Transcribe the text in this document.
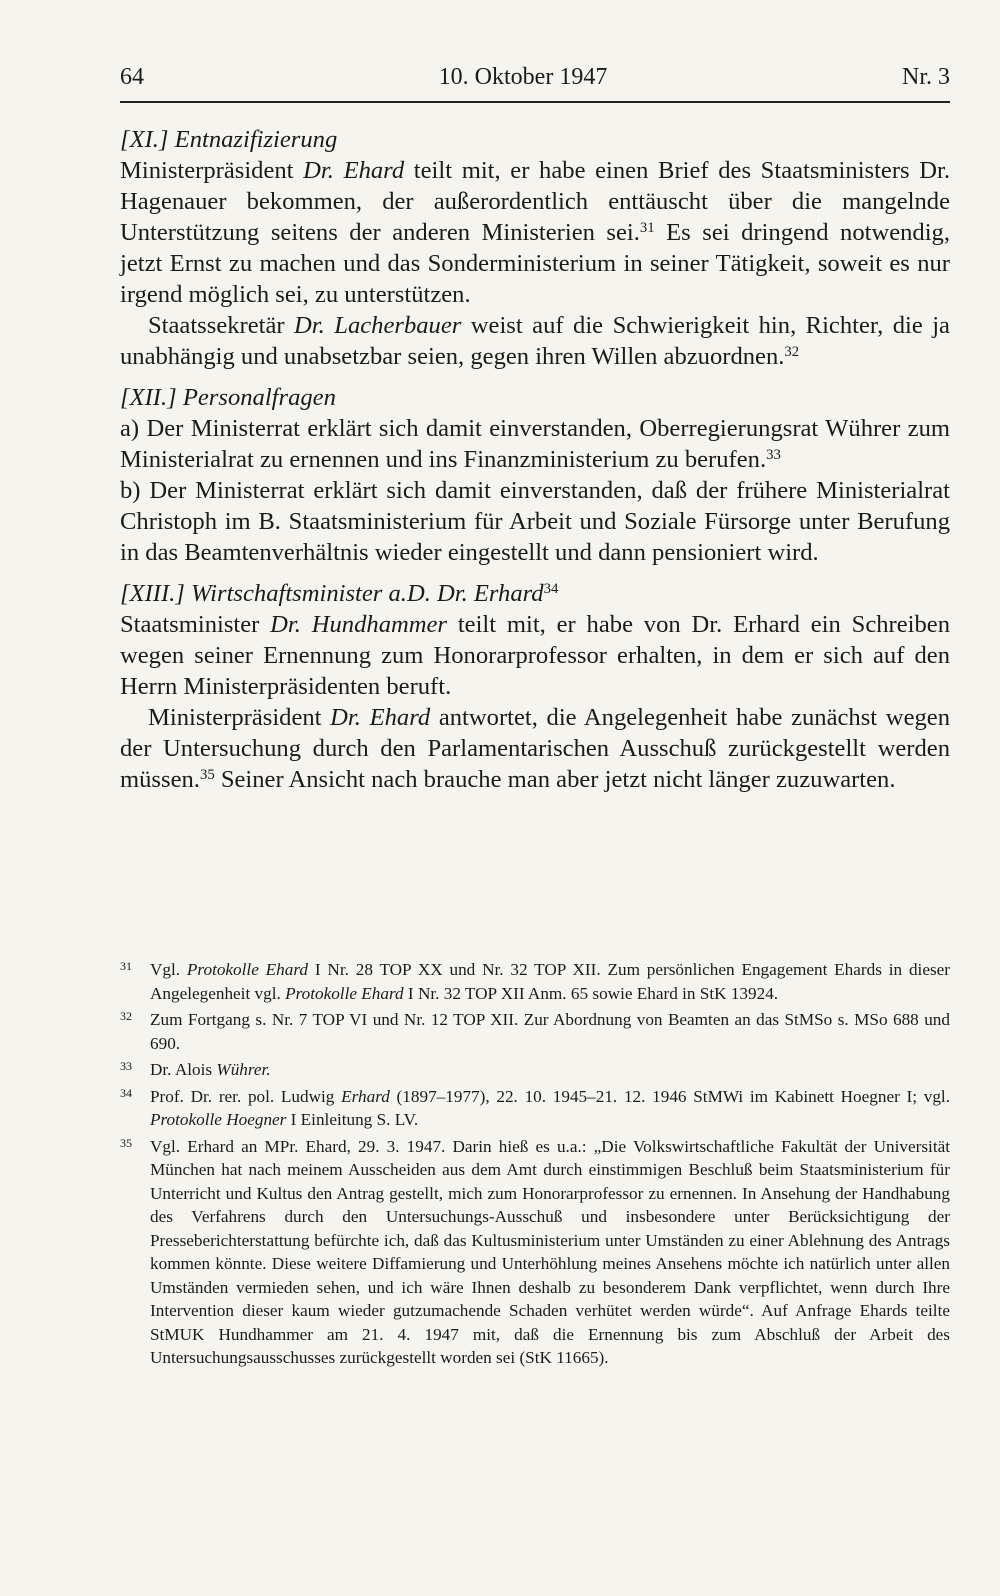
64	10. Oktober 1947	Nr. 3

[XI.] Entnazifizierung

Ministerpräsident Dr. Ehard teilt mit, er habe einen Brief des Staatsministers Dr. Hagenauer bekommen, der außerordentlich enttäuscht über die mangelnde Unterstützung seitens der anderen Ministerien sei.$^{31}$ Es sei dringend notwendig, jetzt Ernst zu machen und das Sonderministerium in seiner Tätigkeit, soweit es nur irgend möglich sei, zu unterstützen.

Staatssekretär Dr. Lacherbauer weist auf die Schwierigkeit hin, Richter, die ja unabhängig und unabsetzbar seien, gegen ihren Willen abzuordnen.$^{32}$

[XII.] Personalfragen

a) Der Ministerrat erklärt sich damit einverstanden, Oberregierungsrat Wührer zum Ministerialrat zu ernennen und ins Finanzministerium zu berufen.$^{33}$

b) Der Ministerrat erklärt sich damit einverstanden, daß der frühere Ministerialrat Christoph im B. Staatsministerium für Arbeit und Soziale Fürsorge unter Berufung in das Beamtenverhältnis wieder eingestellt und dann pensioniert wird.

[XIII.] Wirtschaftsminister a.D. Dr. Erhard$^{34}$

Staatsminister Dr. Hundhammer teilt mit, er habe von Dr. Erhard ein Schreiben wegen seiner Ernennung zum Honorarprofessor erhalten, in dem er sich auf den Herrn Ministerpräsidenten beruft.

Ministerpräsident Dr. Ehard antwortet, die Angelegenheit habe zunächst wegen der Untersuchung durch den Parlamentarischen Ausschuß zurückgestellt werden müssen.$^{35}$ Seiner Ansicht nach brauche man aber jetzt nicht länger zuzuwarten.

31 Vgl. Protokolle Ehard I Nr. 28 TOP XX und Nr. 32 TOP XII. Zum persönlichen Engagement Ehards in dieser Angelegenheit vgl. Protokolle Ehard I Nr. 32 TOP XII Anm. 65 sowie Ehard in StK 13924.
32 Zum Fortgang s. Nr. 7 TOP VI und Nr. 12 TOP XII. Zur Abordnung von Beamten an das StMSo s. MSo 688 und 690.
33 Dr. Alois Wührer.
34 Prof. Dr. rer. pol. Ludwig Erhard (1897–1977), 22. 10. 1945–21. 12. 1946 StMWi im Kabinett Hoegner I; vgl. Protokolle Hoegner I Einleitung S. LV.
35 Vgl. Erhard an MPr. Ehard, 29. 3. 1947. Darin hieß es u.a.: „Die Volkswirtschaftliche Fakultät der Universität München hat nach meinem Ausscheiden aus dem Amt durch einstimmigen Beschluß beim Staatsministerium für Unterricht und Kultus den Antrag gestellt, mich zum Honorarprofessor zu ernennen. In Ansehung der Handhabung des Verfahrens durch den Untersuchungs-Ausschuß und insbesondere unter Berücksichtigung der Presseberichterstattung befürchte ich, daß das Kultusministerium unter Umständen zu einer Ablehnung des Antrags kommen könnte. Diese weitere Diffamierung und Unterhöhlung meines Ansehens möchte ich natürlich unter allen Umständen vermieden sehen, und ich wäre Ihnen deshalb zu besonderem Dank verpflichtet, wenn durch Ihre Intervention dieser kaum wieder gutzumachende Schaden verhütet werden würde“. Auf Anfrage Ehards teilte StMUK Hundhammer am 21. 4. 1947 mit, daß die Ernennung bis zum Abschluß der Arbeit des Untersuchungsausschusses zurückgestellt worden sei (StK 11665).
